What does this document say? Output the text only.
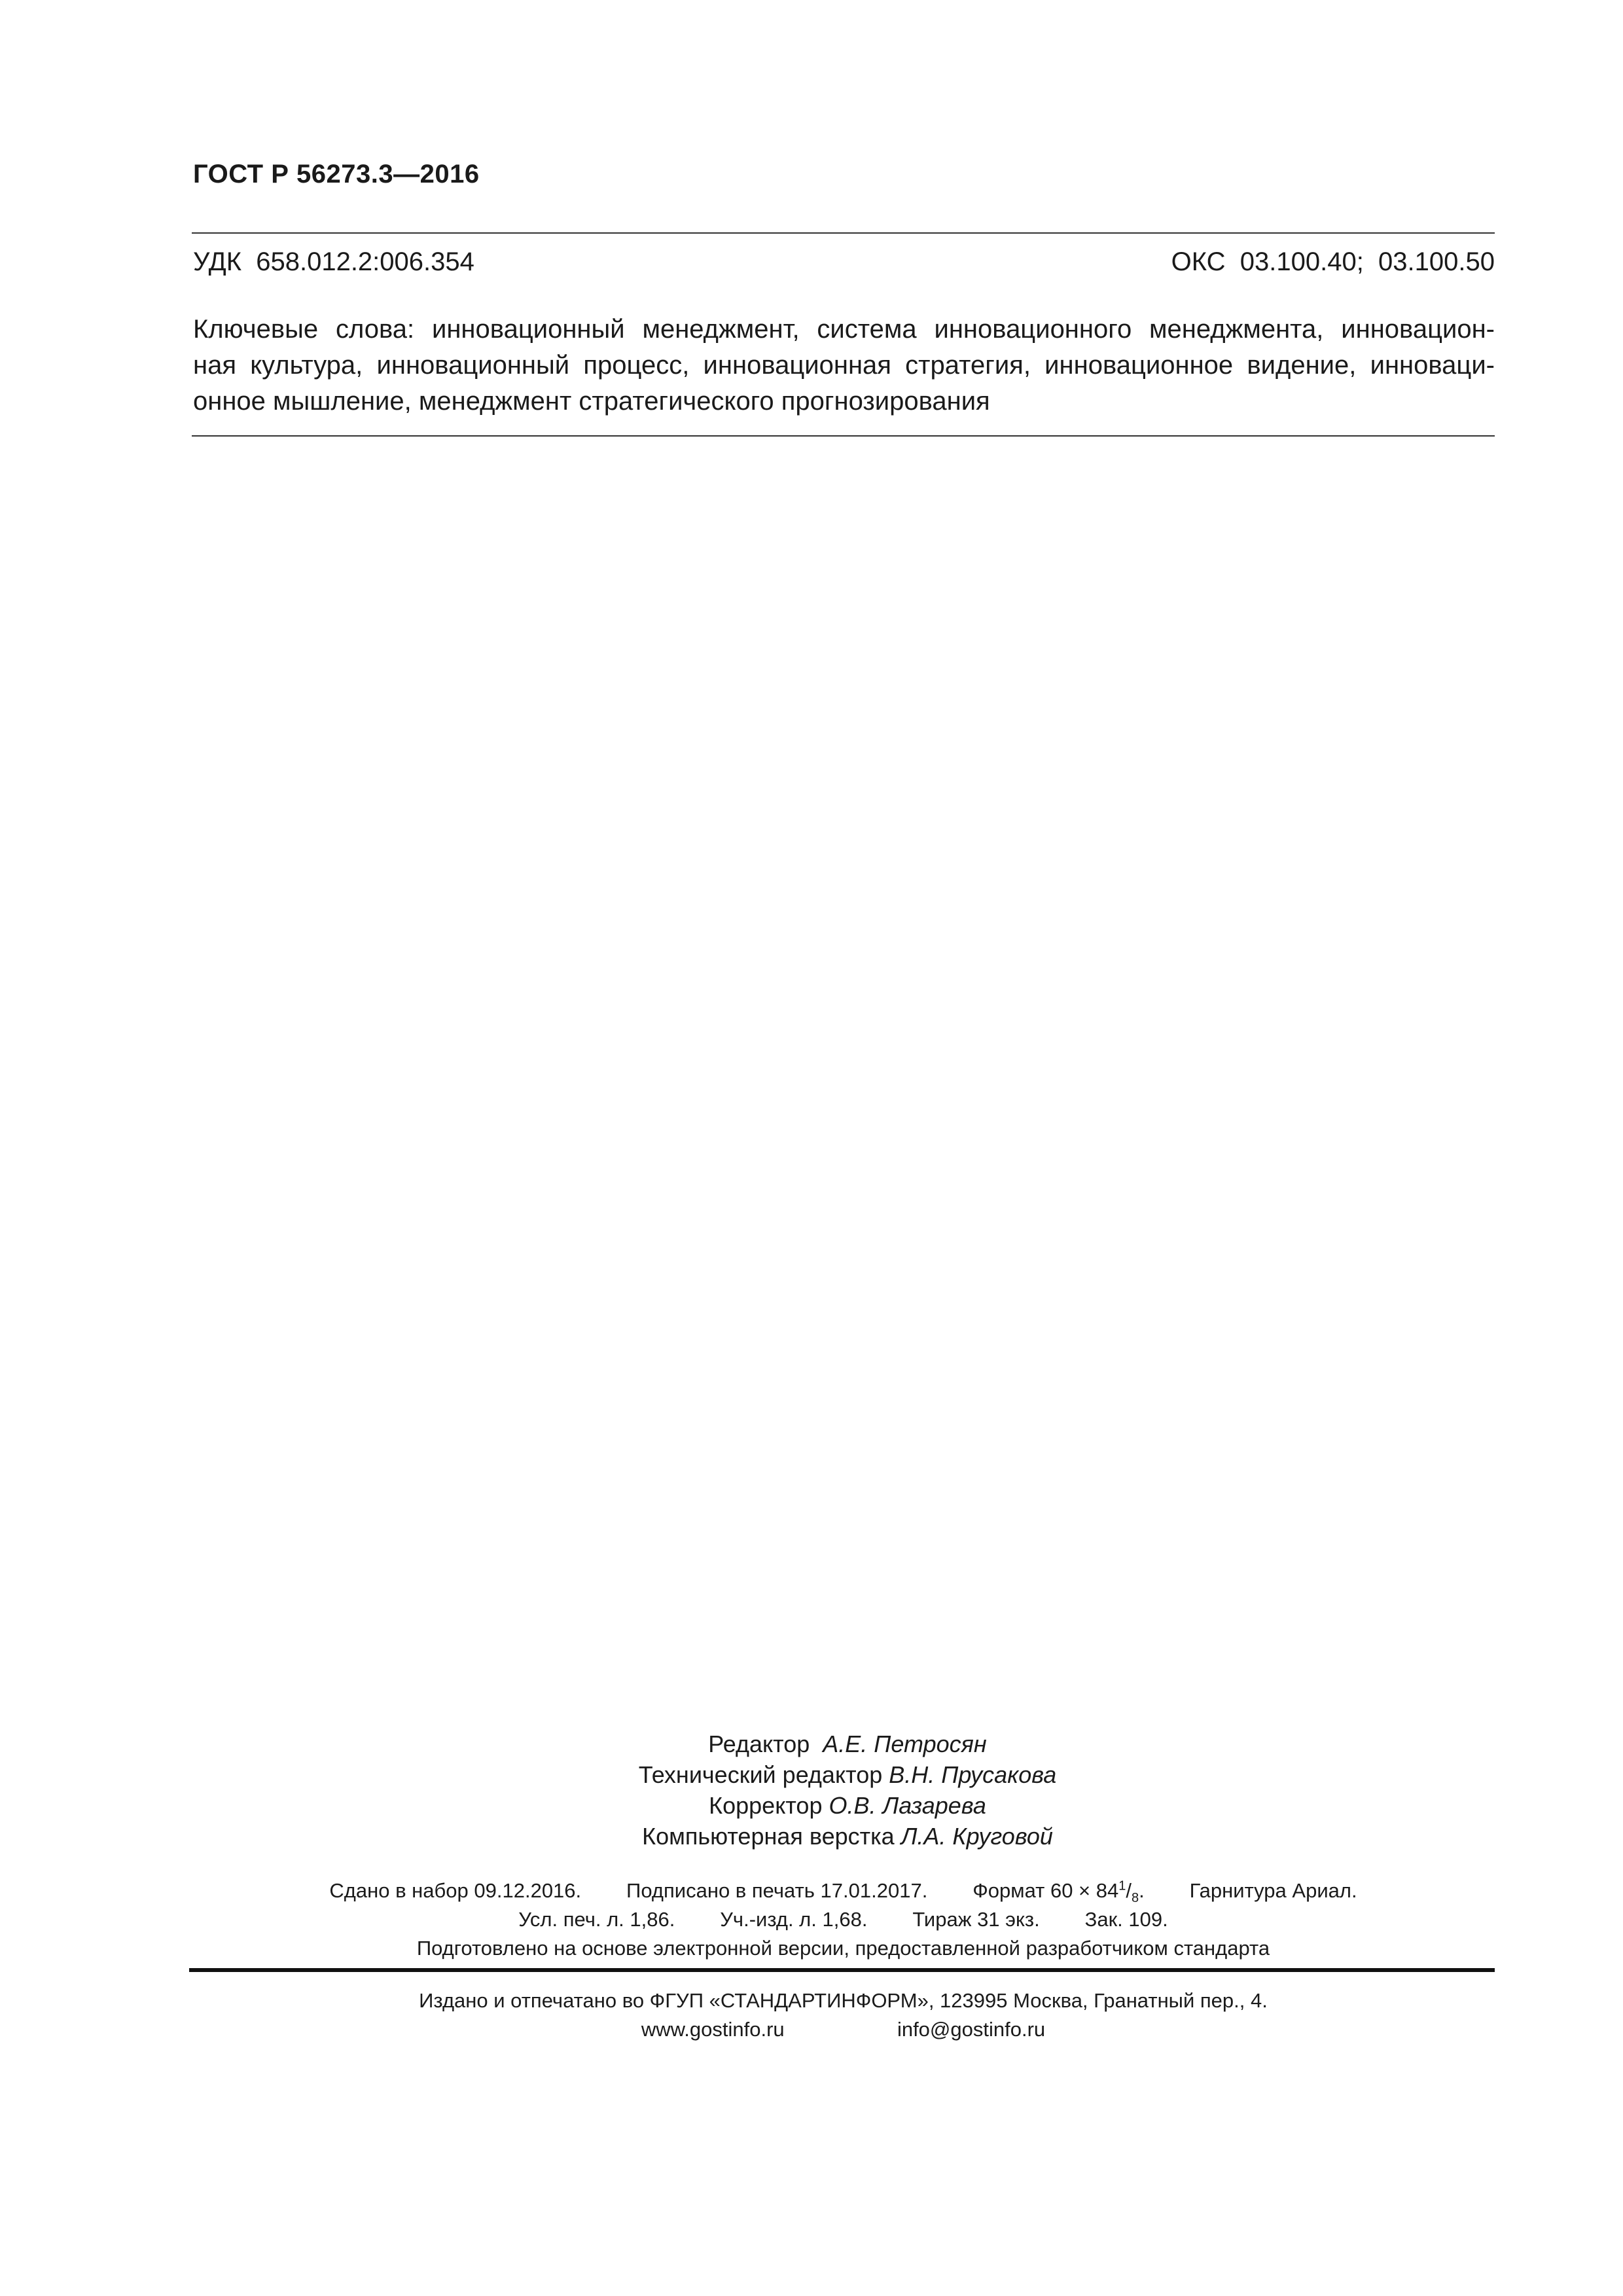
ГОСТ Р 56273.3—2016
УДК  658.012.2:006.354	ОКС  03.100.40;  03.100.50
Ключевые слова: инновационный менеджмент, система инновационного менеджмента, инновацион-
ная культура, инновационный процесс, инновационная стратегия, инновационное видение, инноваци-
онное мышление, менеджмент стратегического прогнозирования
Редактор А.Е. Петросян
Технический редактор В.Н. Прусакова
Корректор О.В. Лазарева
Компьютерная верстка Л.А. Круговой
Сдано в набор 09.12.2016.        Подписано в печать 17.01.2017.        Формат $60 \times 84^1/_8$.        Гарнитура Ариал.
Усл. печ. л. 1,86.        Уч.-изд. л. 1,68.        Тираж 31 экз.        Зак. 109.
Подготовлено на основе электронной версии, предоставленной разработчиком стандарта
Издано и отпечатано во ФГУП «СТАНДАРТИНФОРМ», 123995 Москва, Гранатный пер., 4.
www.gostinfo.ru	info@gostinfo.ru
